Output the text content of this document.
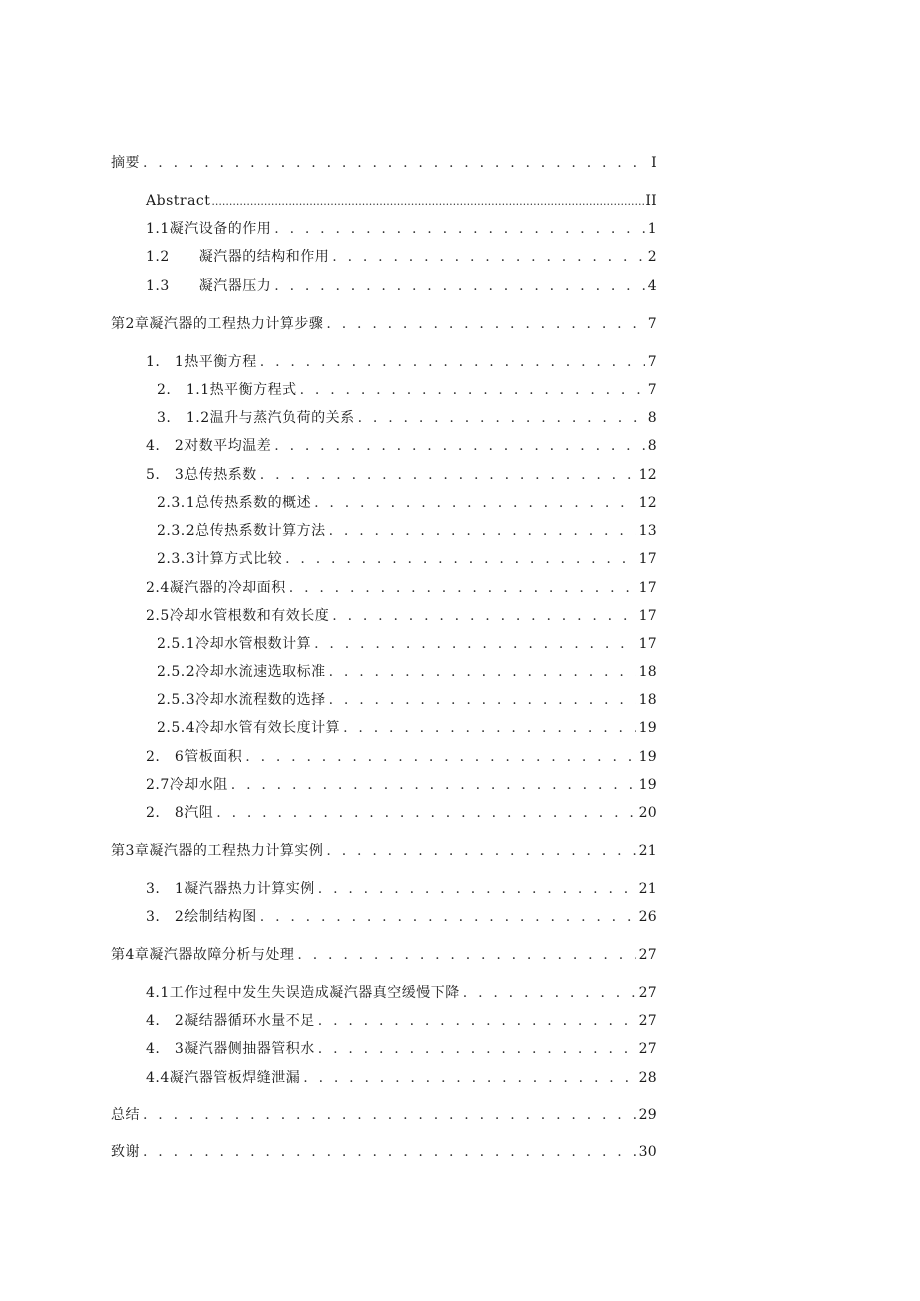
摘要 . . .	I
Abstract .....	II
1.1凝汽设备的作用 . . .	1
1.2　　凝汽器的结构和作用 . . .	2
1.3　　凝汽器压力 . . .	4
第2章凝汽器的工程热力计算步骤 . . .	7
1.　1热平衡方程 . . .	7
2.　1.1热平衡方程式 . . .	7
3.　1.2温升与蒸汽负荷的关系 . . .	8
4.　2对数平均温差 . . .	8
5.　3总传热系数 . . .	12
2.3.1总传热系数的概述 . . .	12
2.3.2总传热系数计算方法 . . .	13
2.3.3计算方式比较 . . .	17
2.4凝汽器的冷却面积 . . .	17
2.5冷却水管根数和有效长度 . . .	17
2.5.1冷却水管根数计算 . . .	17
2.5.2冷却水流速选取标准 . . .	18
2.5.3冷却水流程数的选择 . . .	18
2.5.4冷却水管有效长度计算 . . .	19
2.　6管板面积 . . .	19
2.7冷却水阻 . . .	19
2.　8汽阻 . . .	20
第3章凝汽器的工程热力计算实例 . . .	21
3.　1凝汽器热力计算实例 . . .	21
3.　2绘制结构图 . . .	26
第4章凝汽器故障分析与处理 . . .	27
4.1工作过程中发生失误造成凝汽器真空缓慢下降 . . .	27
4.　2凝结器循环水量不足 . . .	27
4.　3凝汽器侧抽器管积水 . . .	27
4.4凝汽器管板焊缝泄漏 . . .	28
总结 . . .	29
致谢 . . .	30
